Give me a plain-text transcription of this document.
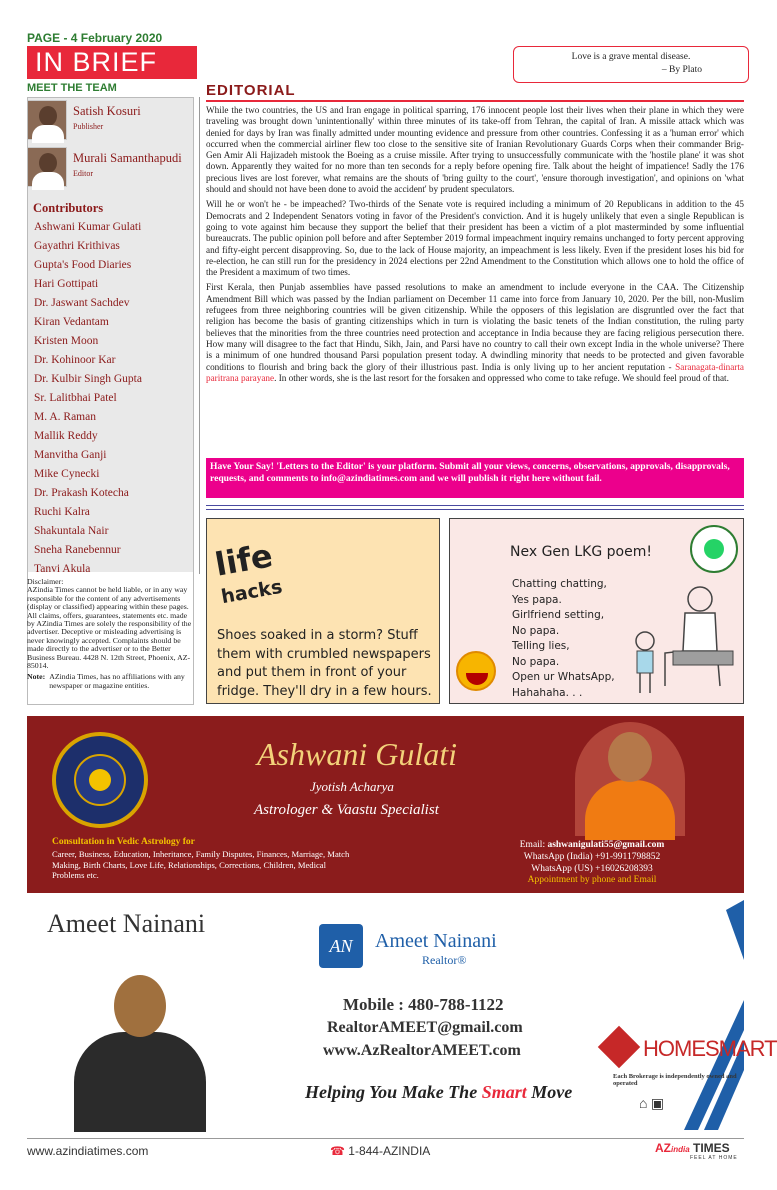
PAGE - 4 February 2020
IN BRIEF	Love is a grave mental disease.
– By Plato
MEET THE TEAM
Satish Kosuri
Publisher
Murali Samanthapudi
Editor
Contributors
Ashwani Kumar Gulati
Gayathri Krithivas
Gupta's Food Diaries
Hari Gottipati
Dr. Jaswant Sachdev
Kiran Vedantam
Kristen Moon
Dr. Kohinoor Kar
Dr. Kulbir Singh Gupta
Sr. Lalitbhai Patel
M. A. Raman
Mallik Reddy
Manvitha Ganji
Mike Cynecki
Dr. Prakash Kotecha
Ruchi Kalra
Shakuntala Nair
Sneha Ranebennur
Tanvi Akula
Disclaimer:
AZindia Times cannot be held liable, or in any way responsible for the content of any advertisements (display or classified) appearing within these pages. All claims, offers, guarantees, statements etc. made by AZindia Times are solely the responsibility of the advertiser. Deceptive or misleading advertising is never knowingly accepted. Complaints should be made directly to the advertiser or to the Better Business Bureau. 4428 N. 12th Street, Phoenix, AZ-85014.
Note: AZindia Times, has no affiliations with any newspaper or magazine entities.
EDITORIAL

While the two countries, the US and Iran engage in political sparring, 176 innocent people lost their lives when their plane in which they were traveling was brought down 'unintentionally' within three minutes of its take-off from Tehran, the capital of Iran. A missile attack which was denied for days by Iran was finally admitted under mounting evidence and pressure from other countries. Confessing it as a 'human error' which occurred when the commercial airliner flew too close to the sensitive site of Iranian Revolutionary Guards Corps when their commander Brig-Gen Amir Ali Hajizadeh mistook the Boeing as a cruise missile. After trying to unsuccessfully communicate with the 'hostile plane' it was shot down. Apparently they waited for no more than ten seconds for a reply before opening fire. Talk about the height of impatience! Sadly the 176 precious lives are lost forever, what remains are the shouts of 'bring guilty to the court', 'ensure thorough investigation', and opinions on 'what should and should not have been done to avoid the accident' by prudent speculators.

Will he or won't he - be impeached? Two-thirds of the Senate vote is required including a minimum of 20 Republicans in addition to the 45 Democrats and 2 Independent Senators voting in favor of the President's conviction. And it is hugely unlikely that even a single Republican is going to vote against him because they support the belief that their president has been a victim of a plot masterminded by some influential bureaucrats. The public opinion poll before and after September 2019 formal impeachment inquiry remains unchanged to forty percent approving and fifty-eight percent disapproving. So, due to the lack of House majority, an impeachment is less likely. Even if the president loses his bid for re-election, he can still run for the presidency in 2024 elections per 22nd Amendment to the Constitution which allows one to hold the office of the President a maximum of two times.

First Kerala, then Punjab assemblies have passed resolutions to make an amendment to include everyone in the CAA. The Citizenship Amendment Bill which was passed by the Indian parliament on December 11 came into force from January 10, 2020. Per the bill, non-Muslim refugees from three neighboring countries will be given citizenship. While the opposers of this legislation are disgruntled over the fact that religion has become the basis of granting citizenships which in turn is violating the basic tenets of the Indian constitution, the ruling party believes that the minorities from the three countries need protection and acceptance in India because they are facing religious persecution there. How many will disagree to the fact that Hindu, Sikh, Jain, and Parsi have no country to call their own except India in the whole universe? There is a minimum of one hundred thousand Parsi population present today. A dwindling minority that needs to be protected and given favorable conditions to flourish and bring back the glory of their illustrious past. India is only living up to her ancient reputation - Saranagata-dinarta paritrana parayane. In other words, she is the last resort for the forsaken and oppressed who come to take refuge. We should feel proud of that.

Have Your Say! 'Letters to the Editor' is your platform. Submit all your views, concerns, observations, approvals, disapprovals, requests, and comments to info@azindiatimes.com and we will publish it right here without fail.
life
hacks
Shoes soaked in a storm? Stuff them with crumbled newspapers and put them in front of your fridge. They'll dry in a few hours.
Nex Gen LKG poem!
Chatting chatting,
Yes papa.
Girlfriend setting,
No papa.
Telling lies,
No papa.
Open ur WhatsApp,
Hahahaha. . .
Ashwani Gulati
Jyotish Acharya
Astrologer & Vaastu Specialist
Consultation in Vedic Astrology for
Career, Business, Education, Inheritance, Family Disputes, Finances, Marriage, Match Making, Birth Charts, Love Life, Relationships, Corrections, Children, Medical Problems etc.
Email: ashwanigulati55@gmail.com
WhatsApp (India) +91-9911798852
WhatsApp (US) +16026208393
Appointment by phone and Email
Ameet Nainani
AN	Ameet Nainani
Realtor®
Mobile : 480-788-1122
RealtorAMEET@gmail.com
www.AzRealtorAMEET.com
Helping You Make The Smart Move
HOMESMART
Each Brokerage is independently owned and operated
⌂ ▣
www.azindiatimes.com	☎ 1-844-AZINDIA	AZindia TIMES
FEEL AT HOME
